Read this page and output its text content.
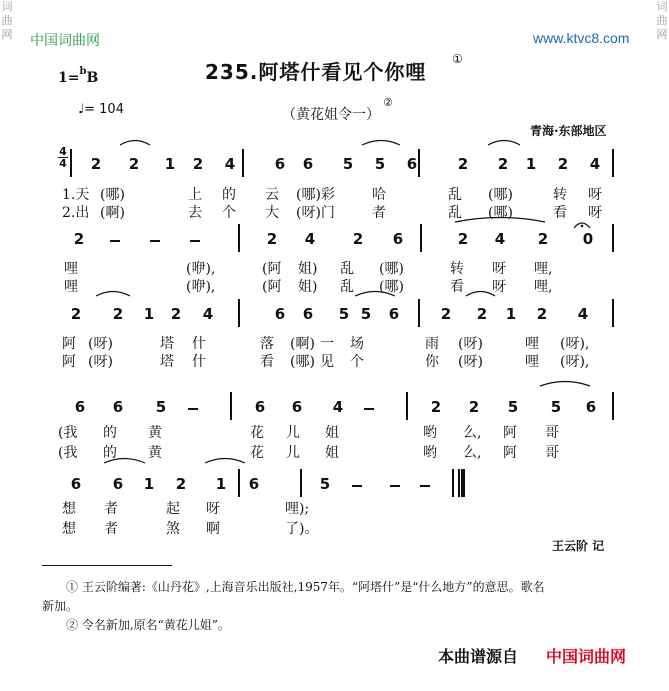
词曲网
词曲网
中国词曲网	www.ktvc8.com
235.阿塔什看见个你哩
①
1=$^b$B
♩= 104	（黄花姐令一）
②
青海·东部地区
4
4 2 2 1 2 4	6 6 5 5 6	2 2 1 2 4
1.天 (哪)	上 的 云 (哪)彩	哈	乱 (哪)	转 呀
2.出 (啊)	去 个 大 (呀)门	者	乱 (哪)	看 呀
2	2 4	2 6	2 4 2 0
哩	(咿),	(阿 姐) 乱 (哪)	转 呀 哩,
哩	(咿),	(阿 姐) 乱 (哪)	看 呀 哩,
2 2 1 2 4	6 6 5 5 6	2 2 1 2 4
阿 (呀)	塔 什	落 (啊) 一 场	雨 (呀)	哩 (呀),
阿 (呀)	塔 什	看 (哪) 见 个	你 (呀)	哩 (呀),
6 6 5	6 6 4	2 2 5 5 6
(我 的 黄	花 儿 姐	哟 么, 阿 哥
(我 的 黄	花 儿 姐	哟 么, 阿 哥
6 6 1 2 1 6	5
想 者	起 呀	哩);
想 者	煞 啊	了)。
王云阶 记
① 王云阶编著:《山丹花》,上海音乐出版社,1957年。“阿塔什”是“什么地方”的意思。歌名
新加。
② 令名新加,原名“黄花儿姐”。
本曲谱源自 中国词曲网
